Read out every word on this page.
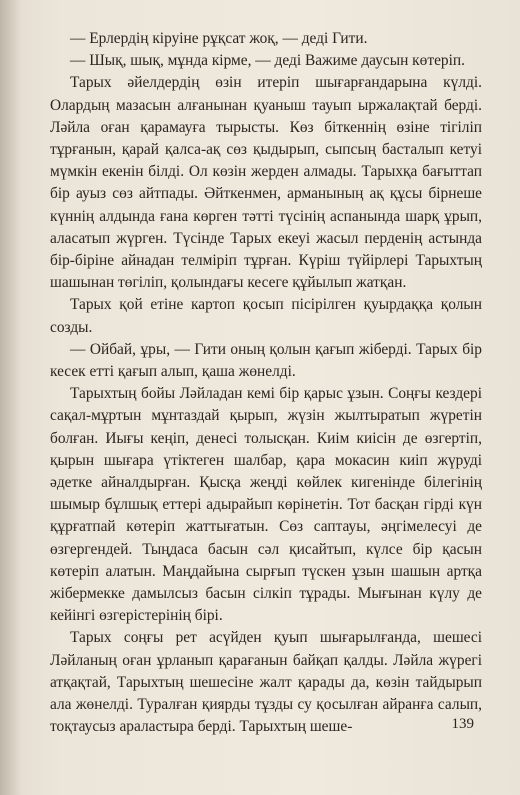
— Ерлердің кіруіне рұқсат жоқ, — деді Гити.

— Шық, шық, мұнда кірме, — деді Важиме даусын көтеріп.

Тарых әйелдердің өзін итеріп шығарғандарына күлді. Олардың мазасын алғанынан қуаныш тауып ыржалақтай берді. Ләйла оған қарамауға тырысты. Көз біткеннің өзіне тігіліп тұрғанын, қарай қалса-ақ сөз қыдырып, сыпсың басталып кетуі мүмкін екенін білді. Ол көзін жерден алмады. Тарыхқа бағыттап бір ауыз сөз айтпады. Әйткенмен, арманының ақ құсы бірнеше күннің алдында ғана көрген тәтті түсінің аспанында шарқ ұрып, аласатып жүрген. Түсінде Тарых екеуі жасыл перденің астында бір-біріне айнадан телміріп тұрған. Күріш түйірлері Тарыхтың шашынан төгіліп, қолындағы кесеге құйылып жатқан.

Тарых қой етіне картоп қосып пісірілген қуырдаққа қолын созды.

— Ойбай, ұры, — Гити оның қолын қағып жіберді. Тарых бір кесек етті қағып алып, қаша жөнелді.

Тарыхтың бойы Ләйладан кемі бір қарыс ұзын. Соңғы кездері сақал-мұртын мұнтаздай қырып, жүзін жылтыратып жүретін болған. Иығы кеңіп, денесі толысқан. Киім киісін де өзгертіп, қырын шығара үтіктеген шалбар, қара мокасин киіп жүруді әдетке айналдырған. Қысқа жеңді көйлек кигенінде білегінің шымыр бұлшық еттері адырайып көрінетін. Тот басқан гірді күн құрғатпай көтеріп жаттығатын. Сөз саптауы, әңгімелесуі де өзгергендей. Тыңдаса басын сәл қисайтып, күлсе бір қасын көтеріп алатын. Маңдайына сырғып түскен ұзын шашын артқа жібермекке дамылсыз басын сілкіп тұрады. Мығынан күлу де кейінгі өзгерістерінің бірі.

Тарых соңғы рет асүйден қуып шығарылғанда, шешесі Ләйланың оған ұрланып қарағанын байқап қалды. Ләйла жүрегі атқақтай, Тарыхтың шешесіне жалт қарады да, көзін тайдырып ала жөнелді. Туралған қиярды тұзды су қосылған айранға салып, тоқтаусыз араластыра берді. Тарыхтың шеше-	139
